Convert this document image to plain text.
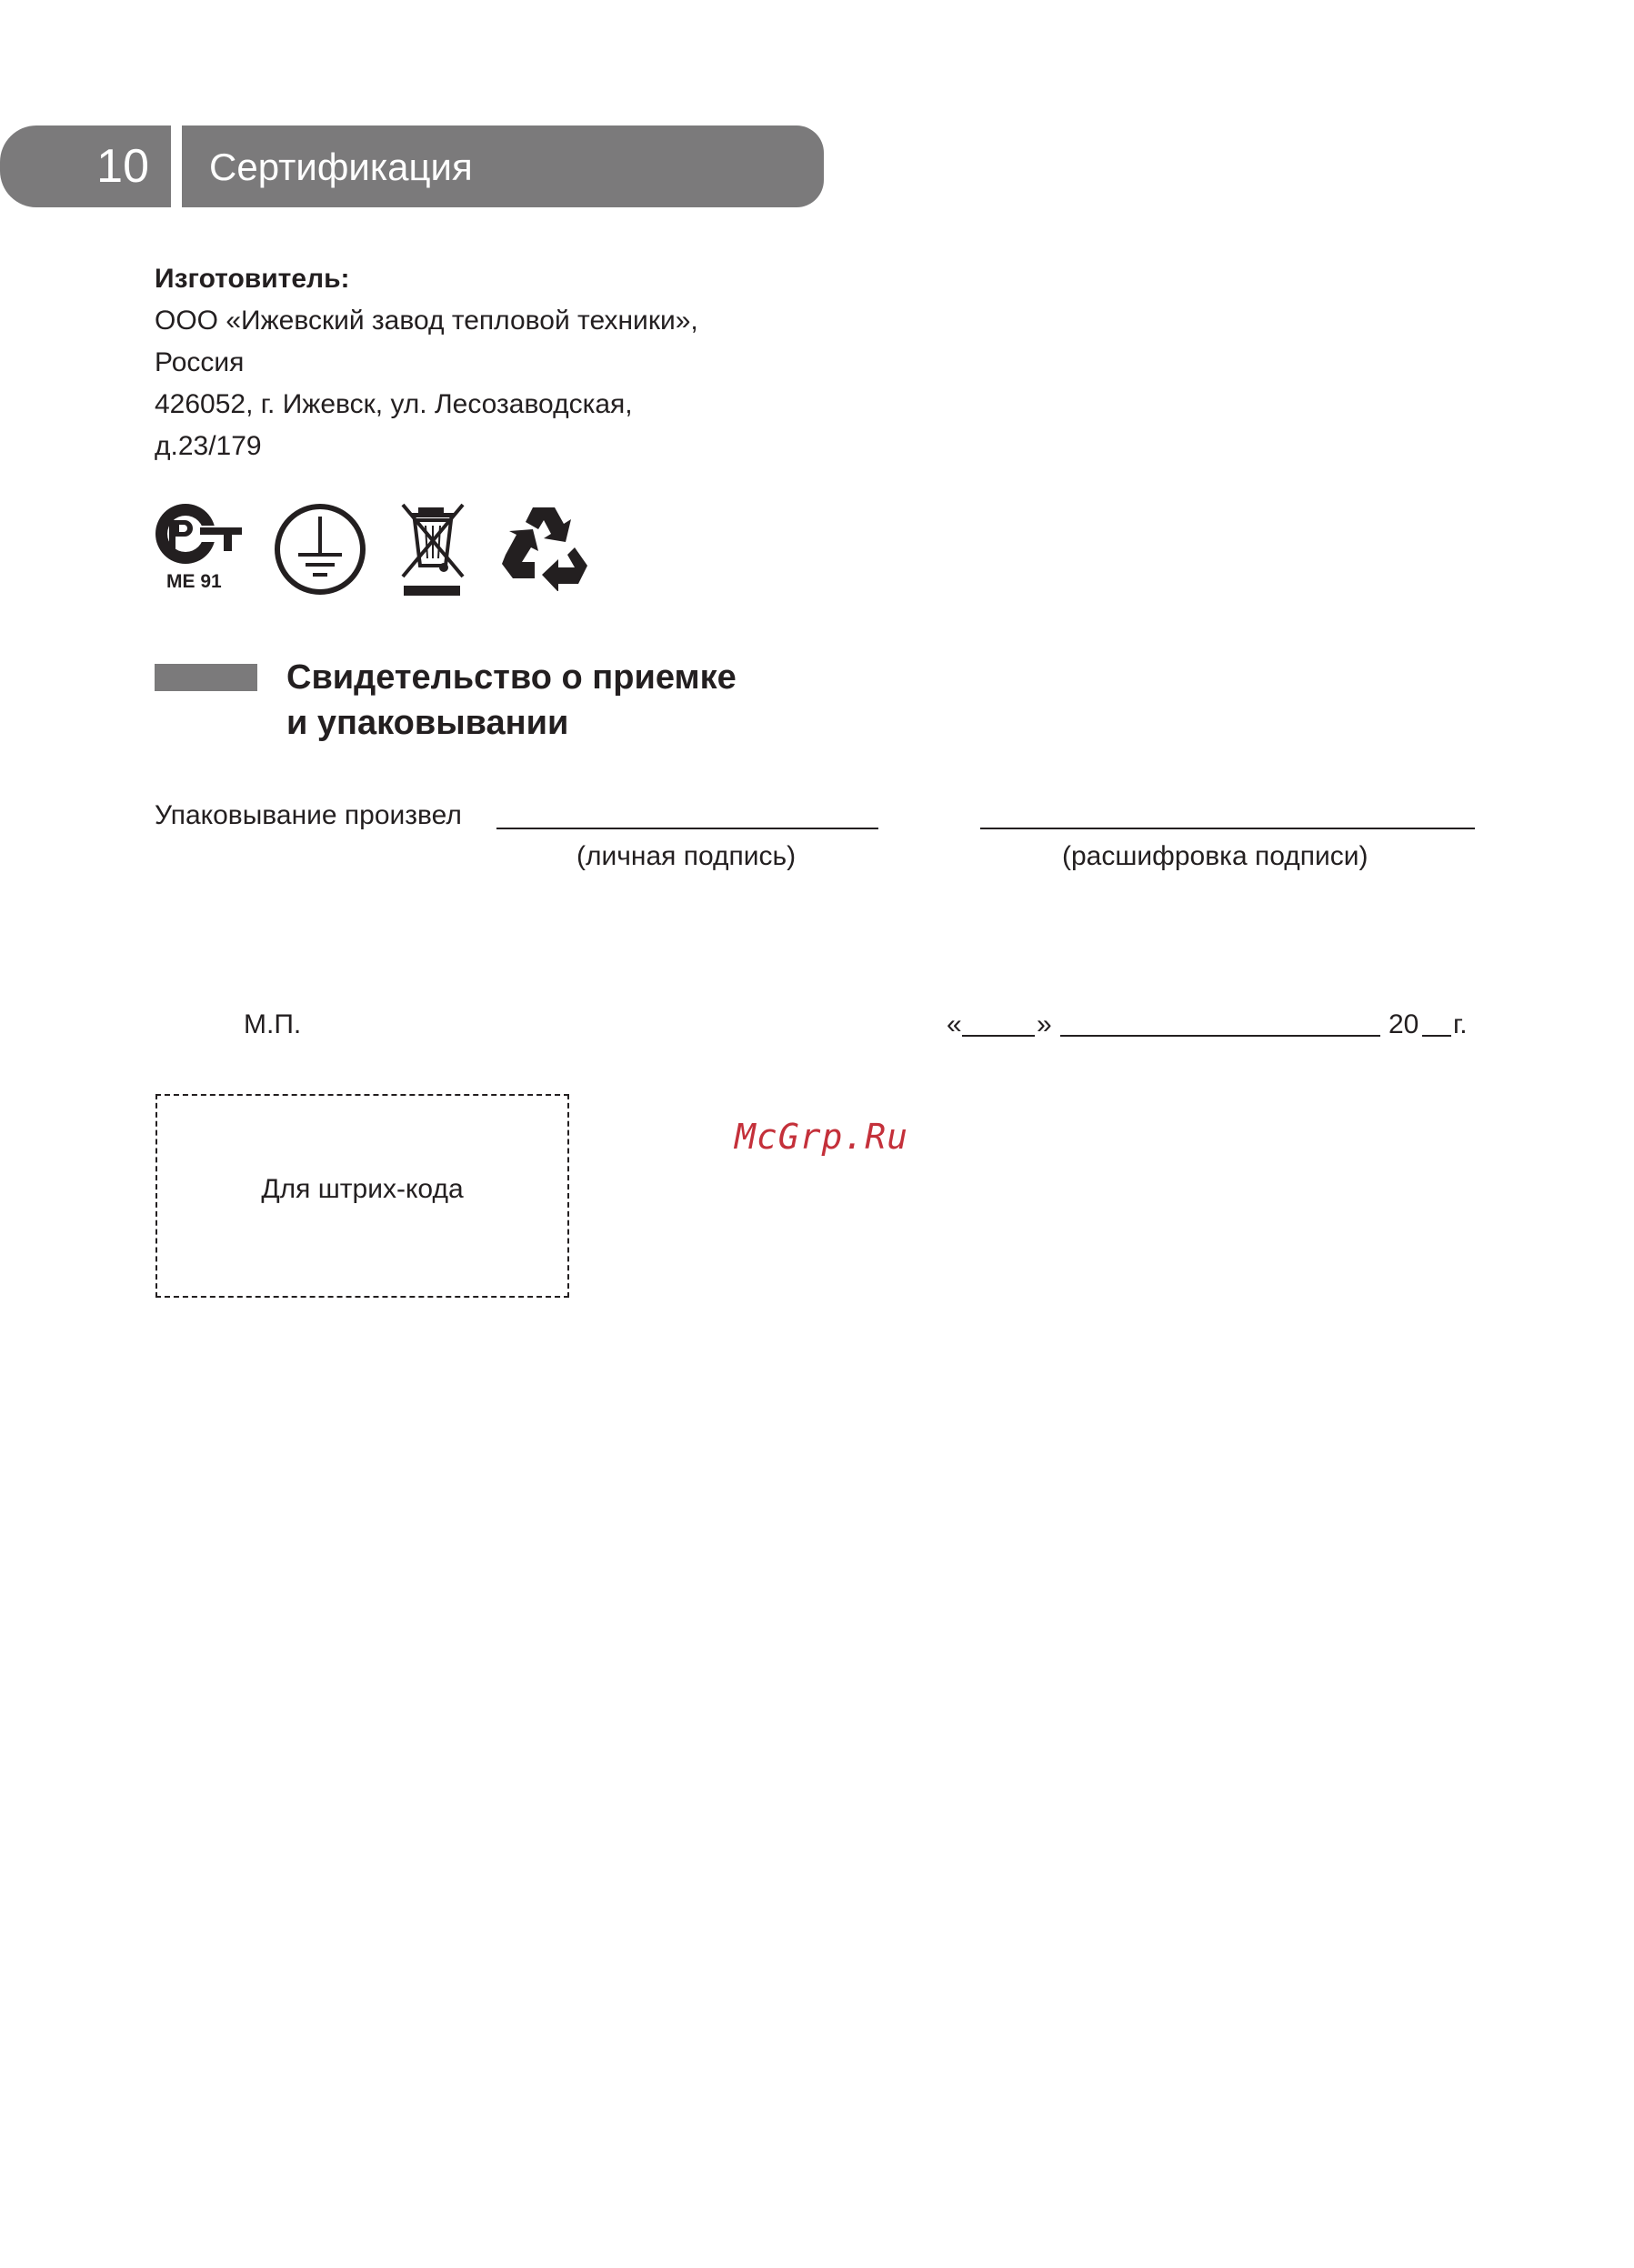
10	Сертификация
Изготовитель:
ООО «Ижевский завод тепловой техники»,
Россия
426052, г. Ижевск, ул. Лесозаводская,
д.23/179
ME 91
Свидетельство о приемке
и упаковывании
Упаковывание произвел
(личная подпись)	(расшифровка подписи)
М.П.	«	»	20 г.
Для штрих-кода
McGrp.Ru
